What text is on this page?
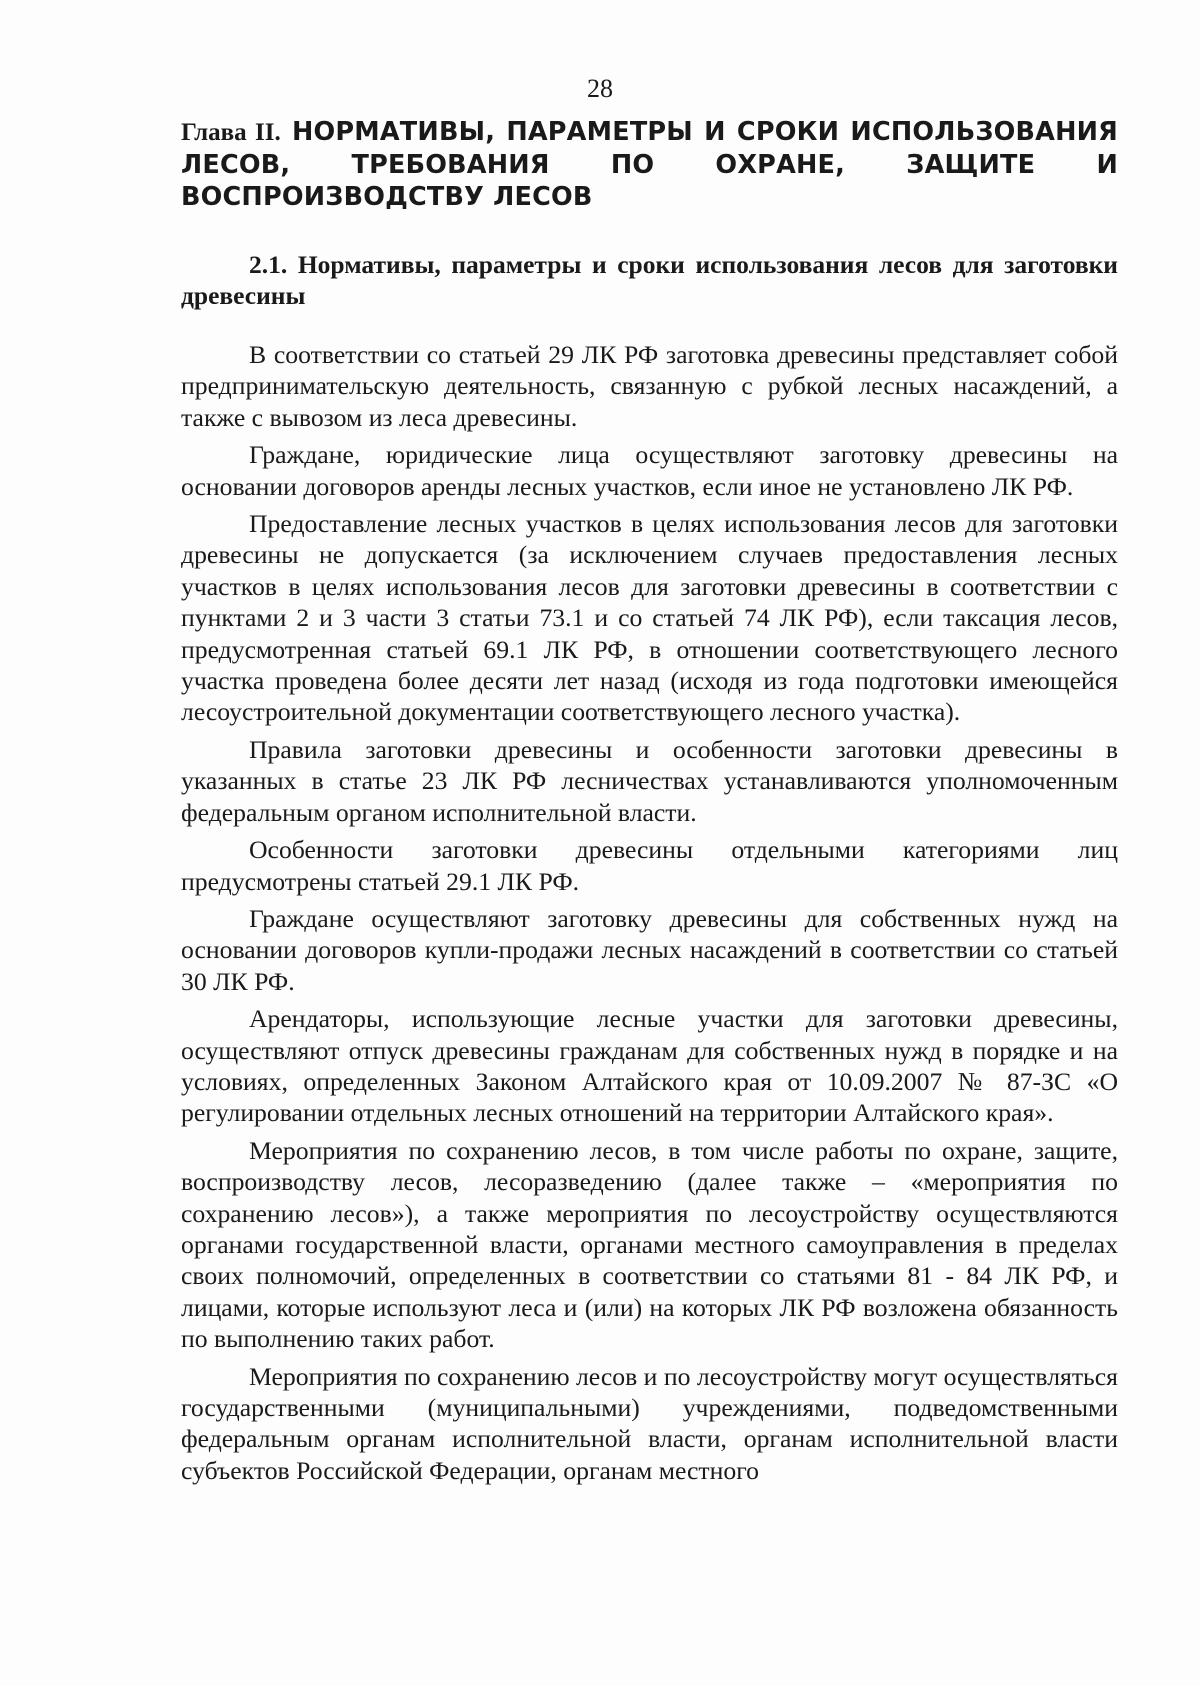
28
Глава II. НОРМАТИВЫ, ПАРАМЕТРЫ И СРОКИ ИСПОЛЬЗОВАНИЯ ЛЕСОВ, ТРЕБОВАНИЯ ПО ОХРАНЕ, ЗАЩИТЕ И ВОСПРОИЗВОДСТВУ ЛЕСОВ
2.1. Нормативы, параметры и сроки использования лесов для заготовки древесины

В соответствии со статьей 29 ЛК РФ заготовка древесины представляет собой предпринимательскую деятельность, связанную с рубкой лесных насаждений, а также с вывозом из леса древесины.

Граждане, юридические лица осуществляют заготовку древесины на основании договоров аренды лесных участков, если иное не установлено ЛК РФ.

Предоставление лесных участков в целях использования лесов для заготовки древесины не допускается (за исключением случаев предоставления лесных участков в целях использования лесов для заготовки древесины в соответствии с пунктами 2 и 3 части 3 статьи 73.1 и со статьей 74 ЛК РФ), если таксация лесов, предусмотренная статьей 69.1 ЛК РФ, в отношении соответствующего лесного участка проведена более десяти лет назад (исходя из года подготовки имеющейся лесоустроительной документации соответствующего лесного участка).

Правила заготовки древесины и особенности заготовки древесины в указанных в статье 23 ЛК РФ лесничествах устанавливаются уполномоченным федеральным органом исполнительной власти.

Особенности заготовки древесины отдельными категориями лиц предусмотрены статьей 29.1 ЛК РФ.

Граждане осуществляют заготовку древесины для собственных нужд на основании договоров купли-продажи лесных насаждений в соответствии со статьей 30 ЛК РФ.

Арендаторы, использующие лесные участки для заготовки древесины, осуществляют отпуск древесины гражданам для собственных нужд в порядке и на условиях, определенных Законом Алтайского края от 10.09.2007 № 87-ЗС «О регулировании отдельных лесных отношений на территории Алтайского края».

Мероприятия по сохранению лесов, в том числе работы по охране, защите, воспроизводству лесов, лесоразведению (далее также – «мероприятия по сохранению лесов»), а также мероприятия по лесоустройству осуществляются органами государственной власти, органами местного самоуправления в пределах своих полномочий, определенных в соответствии со статьями 81 - 84 ЛК РФ, и лицами, которые используют леса и (или) на которых ЛК РФ возложена обязанность по выполнению таких работ.

Мероприятия по сохранению лесов и по лесоустройству могут осуществляться государственными (муниципальными) учреждениями, подведомственными федеральным органам исполнительной власти, органам исполнительной власти субъектов Российской Федерации, органам местного
